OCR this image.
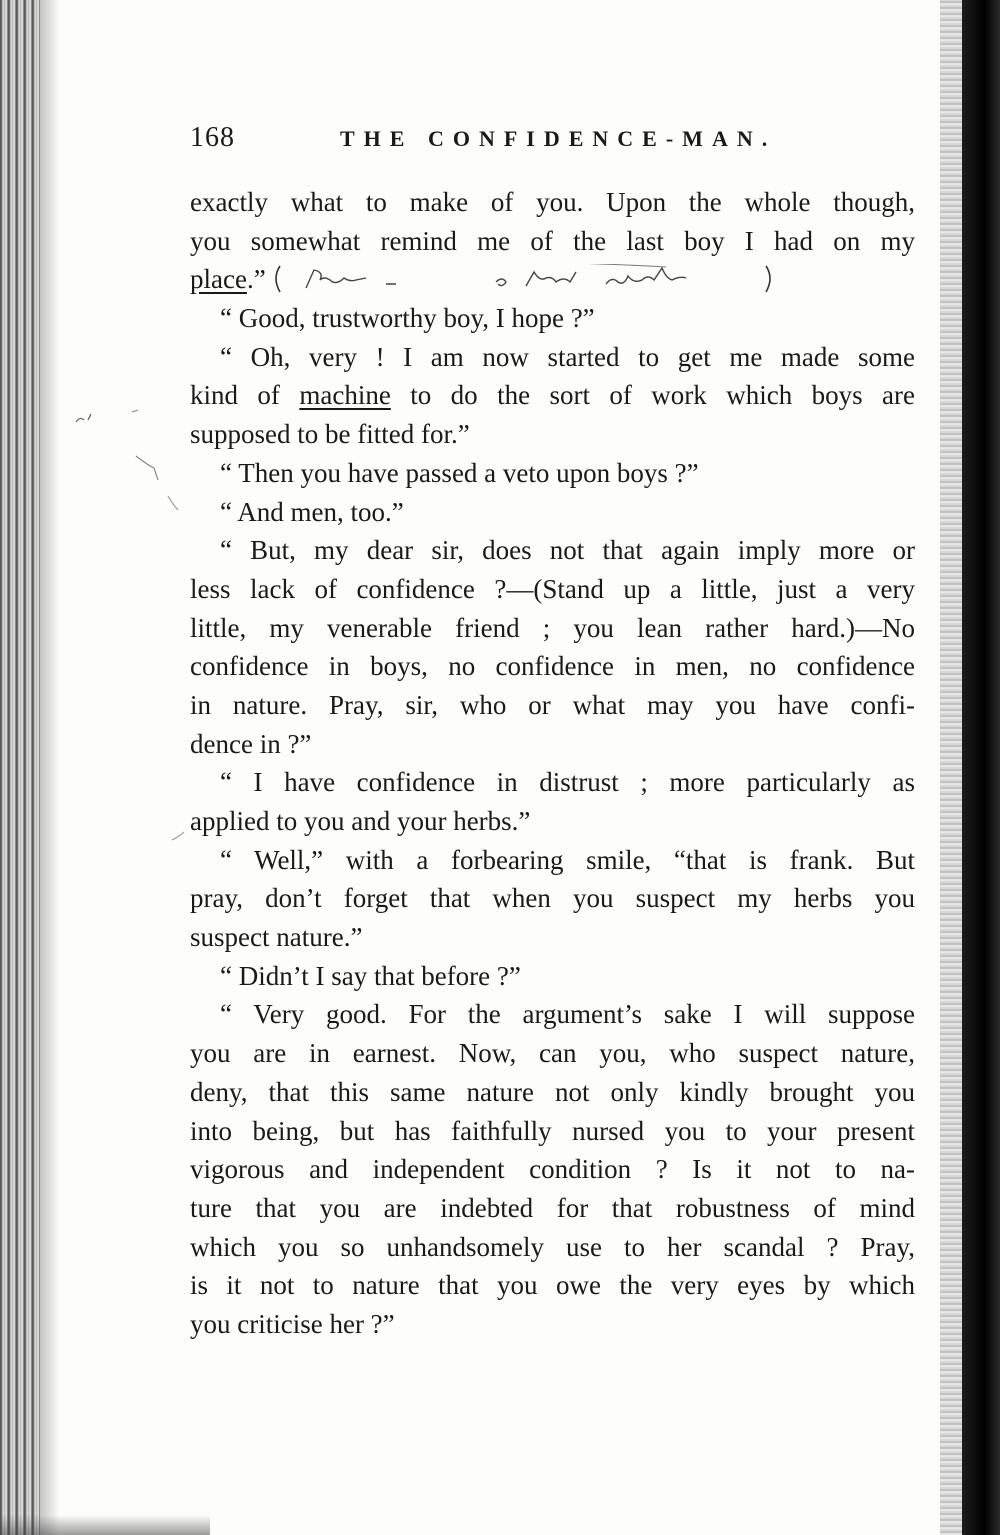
168	THE CONFIDENCE-MAN.
exactly what to make of you. Upon the whole though,
you somewhat remind me of the last boy I had on my
place.”
“ Good, trustworthy boy, I hope ?”
“ Oh, very ! I am now started to get me made some
kind of machine to do the sort of work which boys are
supposed to be fitted for.”
“ Then you have passed a veto upon boys ?”
“ And men, too.”
“ But, my dear sir, does not that again imply more or
less lack of confidence ?—(Stand up a little, just a very
little, my venerable friend ; you lean rather hard.)—No
confidence in boys, no confidence in men, no confidence
in nature. Pray, sir, who or what may you have confi-
dence in ?”
“ I have confidence in distrust ; more particularly as
applied to you and your herbs.”
“ Well,” with a forbearing smile, “that is frank. But
pray, don’t forget that when you suspect my herbs you
suspect nature.”
“ Didn’t I say that before ?”
“ Very good. For the argument’s sake I will suppose
you are in earnest. Now, can you, who suspect nature,
deny, that this same nature not only kindly brought you
into being, but has faithfully nursed you to your present
vigorous and independent condition ? Is it not to na-
ture that you are indebted for that robustness of mind
which you so unhandsomely use to her scandal ? Pray,
is it not to nature that you owe the very eyes by which
you criticise her ?”
